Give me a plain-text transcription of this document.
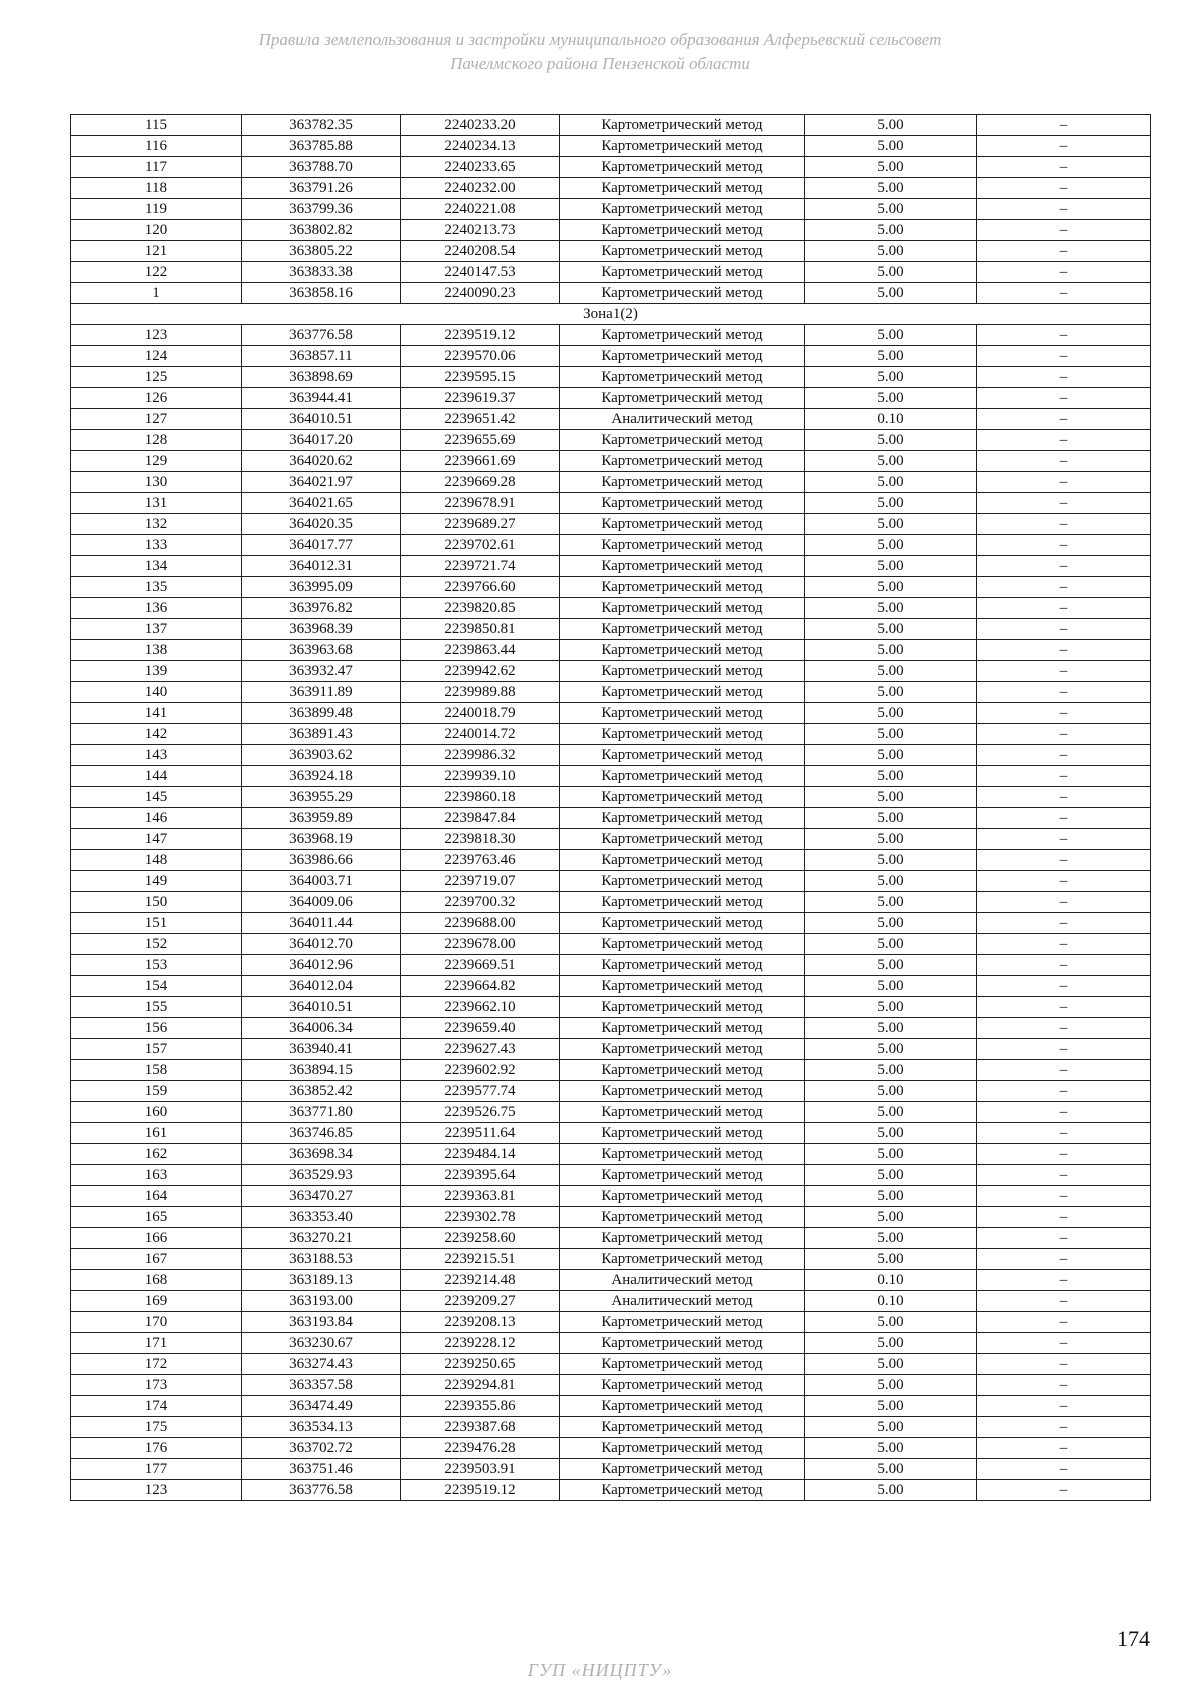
Правила землепользования и застройки муниципального образования Алферьевский сельсовет
Пачелмского района Пензенской области
115	363782.35	2240233.20	Картометрический метод	5.00	–
116	363785.88	2240234.13	Картометрический метод	5.00	–
117	363788.70	2240233.65	Картометрический метод	5.00	–
118	363791.26	2240232.00	Картометрический метод	5.00	–
119	363799.36	2240221.08	Картометрический метод	5.00	–
120	363802.82	2240213.73	Картометрический метод	5.00	–
121	363805.22	2240208.54	Картометрический метод	5.00	–
122	363833.38	2240147.53	Картометрический метод	5.00	–
1	363858.16	2240090.23	Картометрический метод	5.00	–
Зона1(2)					
123	363776.58	2239519.12	Картометрический метод	5.00	–
124	363857.11	2239570.06	Картометрический метод	5.00	–
125	363898.69	2239595.15	Картометрический метод	5.00	–
126	363944.41	2239619.37	Картометрический метод	5.00	–
127	364010.51	2239651.42	Аналитический метод	0.10	–
128	364017.20	2239655.69	Картометрический метод	5.00	–
129	364020.62	2239661.69	Картометрический метод	5.00	–
130	364021.97	2239669.28	Картометрический метод	5.00	–
131	364021.65	2239678.91	Картометрический метод	5.00	–
132	364020.35	2239689.27	Картометрический метод	5.00	–
133	364017.77	2239702.61	Картометрический метод	5.00	–
134	364012.31	2239721.74	Картометрический метод	5.00	–
135	363995.09	2239766.60	Картометрический метод	5.00	–
136	363976.82	2239820.85	Картометрический метод	5.00	–
137	363968.39	2239850.81	Картометрический метод	5.00	–
138	363963.68	2239863.44	Картометрический метод	5.00	–
139	363932.47	2239942.62	Картометрический метод	5.00	–
140	363911.89	2239989.88	Картометрический метод	5.00	–
141	363899.48	2240018.79	Картометрический метод	5.00	–
142	363891.43	2240014.72	Картометрический метод	5.00	–
143	363903.62	2239986.32	Картометрический метод	5.00	–
144	363924.18	2239939.10	Картометрический метод	5.00	–
145	363955.29	2239860.18	Картометрический метод	5.00	–
146	363959.89	2239847.84	Картометрический метод	5.00	–
147	363968.19	2239818.30	Картометрический метод	5.00	–
148	363986.66	2239763.46	Картометрический метод	5.00	–
149	364003.71	2239719.07	Картометрический метод	5.00	–
150	364009.06	2239700.32	Картометрический метод	5.00	–
151	364011.44	2239688.00	Картометрический метод	5.00	–
152	364012.70	2239678.00	Картометрический метод	5.00	–
153	364012.96	2239669.51	Картометрический метод	5.00	–
154	364012.04	2239664.82	Картометрический метод	5.00	–
155	364010.51	2239662.10	Картометрический метод	5.00	–
156	364006.34	2239659.40	Картометрический метод	5.00	–
157	363940.41	2239627.43	Картометрический метод	5.00	–
158	363894.15	2239602.92	Картометрический метод	5.00	–
159	363852.42	2239577.74	Картометрический метод	5.00	–
160	363771.80	2239526.75	Картометрический метод	5.00	–
161	363746.85	2239511.64	Картометрический метод	5.00	–
162	363698.34	2239484.14	Картометрический метод	5.00	–
163	363529.93	2239395.64	Картометрический метод	5.00	–
164	363470.27	2239363.81	Картометрический метод	5.00	–
165	363353.40	2239302.78	Картометрический метод	5.00	–
166	363270.21	2239258.60	Картометрический метод	5.00	–
167	363188.53	2239215.51	Картометрический метод	5.00	–
168	363189.13	2239214.48	Аналитический метод	0.10	–
169	363193.00	2239209.27	Аналитический метод	0.10	–
170	363193.84	2239208.13	Картометрический метод	5.00	–
171	363230.67	2239228.12	Картометрический метод	5.00	–
172	363274.43	2239250.65	Картометрический метод	5.00	–
173	363357.58	2239294.81	Картометрический метод	5.00	–
174	363474.49	2239355.86	Картометрический метод	5.00	–
175	363534.13	2239387.68	Картометрический метод	5.00	–
176	363702.72	2239476.28	Картометрический метод	5.00	–
177	363751.46	2239503.91	Картометрический метод	5.00	–
123	363776.58	2239519.12	Картометрический метод	5.00	–
174
ГУП «НИЦПТУ»
